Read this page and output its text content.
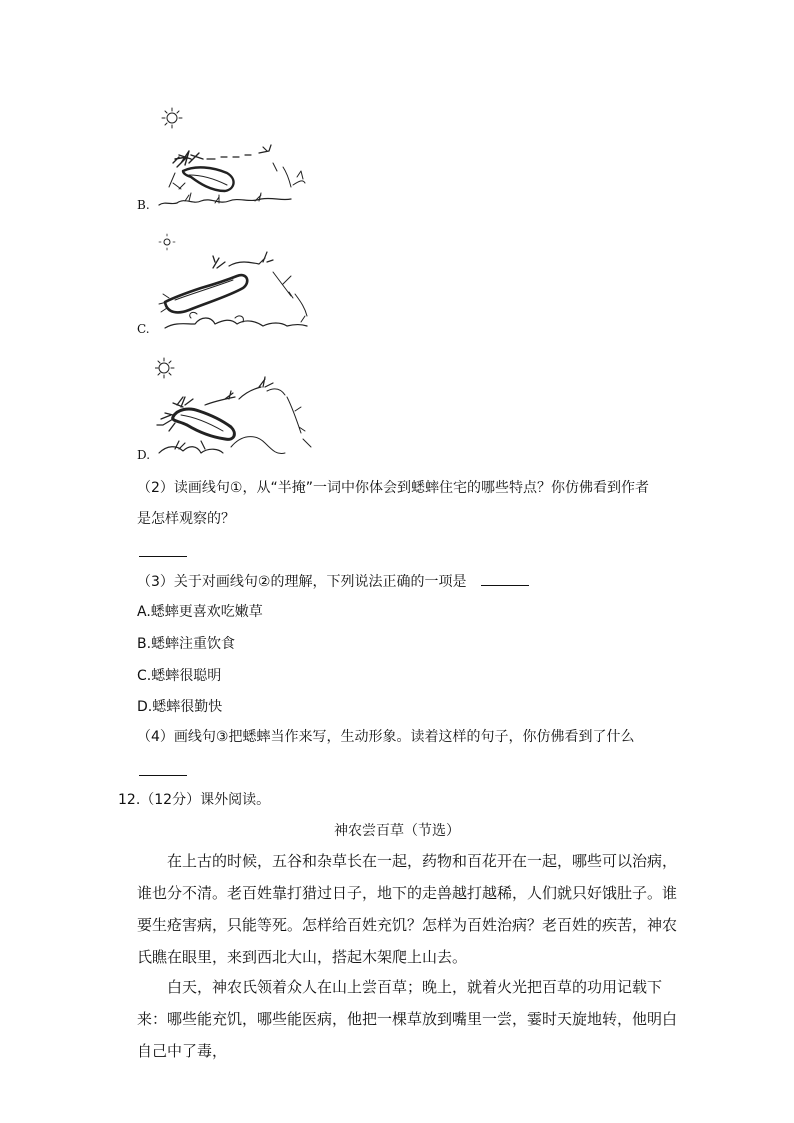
B.
C.
D.
（2）读画线句①，从“半掩”一词中你体会到蟋蟀住宅的哪些特点？你仿佛看到作者
是怎样观察的？
（3）关于对画线句②的理解，下列说法正确的一项是
A.蟋蟀更喜欢吃嫩草
B.蟋蟀注重饮食
C.蟋蟀很聪明
D.蟋蟀很勤快
（4）画线句③把蟋蟀当作来写，生动形象。读着这样的句子，你仿佛看到了什么
12.（12分）课外阅读。
神农尝百草（节选）
在上古的时候，五谷和杂草长在一起，药物和百花开在一起，哪些可以治病，谁也分不清。老百姓靠打猎过日子，地下的走兽越打越稀，人们就只好饿肚子。谁要生疮害病，只能等死。怎样给百姓充饥？怎样为百姓治病？老百姓的疾苦，神农氏瞧在眼里，来到西北大山，搭起木架爬上山去。
白天，神农氏领着众人在山上尝百草；晚上，就着火光把百草的功用记载下来：哪些能充饥，哪些能医病，他把一棵草放到嘴里一尝，霎时天旋地转，他明白自己中了毒，
